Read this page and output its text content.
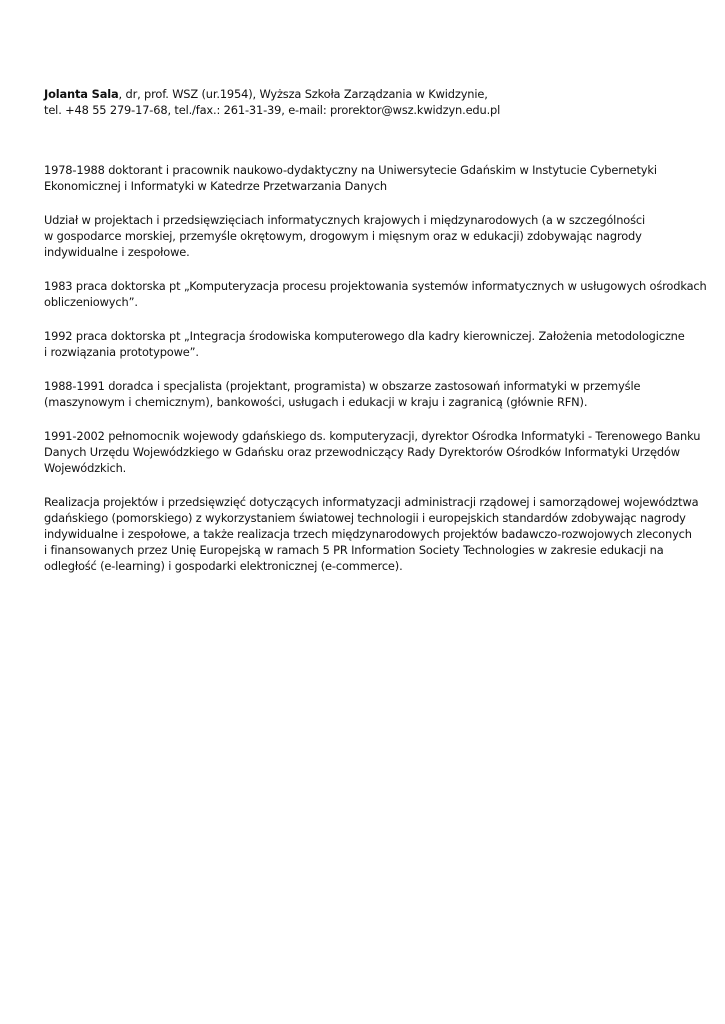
Jolanta Sala, dr, prof. WSZ (ur.1954), Wyższa Szkoła Zarządzania w Kwidzynie,
tel. +48 55 279-17-68, tel./fax.: 261-31-39, e-mail: prorektor@wsz.kwidzyn.edu.pl
1978-1988 doktorant i pracownik naukowo-dydaktyczny na Uniwersytecie Gdańskim w Instytucie Cybernetyki
Ekonomicznej i Informatyki w Katedrze Przetwarzania Danych
Udział w projektach i przedsięwzięciach informatycznych krajowych i międzynarodowych (a w szczególności
w gospodarce morskiej, przemyśle okrętowym, drogowym i mięsnym oraz w edukacji) zdobywając nagrody
indywidualne i zespołowe.
1983 praca doktorska pt „Komputeryzacja procesu projektowania systemów informatycznych w usługowych ośrodkach
obliczeniowych”.
1992 praca doktorska pt „Integracja środowiska komputerowego dla kadry kierowniczej. Założenia metodologiczne
i rozwiązania prototypowe”.
1988-1991 doradca i specjalista (projektant, programista) w obszarze zastosowań informatyki w przemyśle
(maszynowym i chemicznym), bankowości, usługach i edukacji w kraju i zagranicą (głównie RFN).
1991-2002 pełnomocnik wojewody gdańskiego ds. komputeryzacji, dyrektor Ośrodka Informatyki - Terenowego Banku
Danych Urzędu Wojewódzkiego w Gdańsku oraz przewodniczący Rady Dyrektorów Ośrodków Informatyki Urzędów
Wojewódzkich.
Realizacja projektów i przedsięwzięć dotyczących informatyzacji administracji rządowej i samorządowej województwa
gdańskiego (pomorskiego) z wykorzystaniem światowej technologii i europejskich standardów zdobywając nagrody
indywidualne i zespołowe, a także realizacja trzech międzynarodowych projektów badawczo-rozwojowych zleconych
i finansowanych przez Unię Europejską w ramach 5 PR Information Society Technologies w zakresie edukacji na
odległość (e-learning) i gospodarki elektronicznej (e-commerce).
